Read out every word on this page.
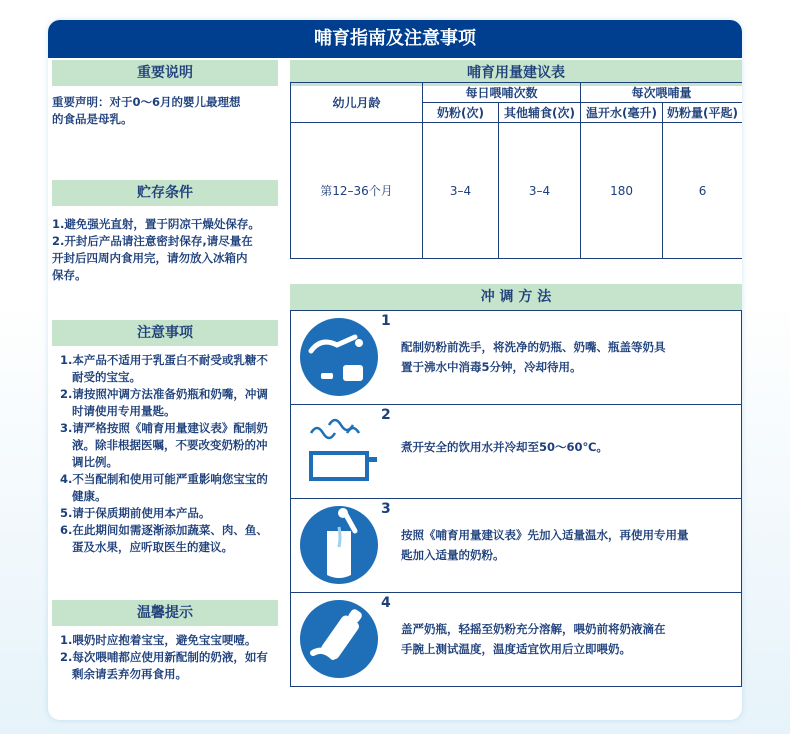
哺育指南及注意事项
重要说明

重要声明：对于0～6月的婴儿最理想

的食品是母乳。

贮存条件

1.避免强光直射，置于阴凉干燥处保存。

2.开封后产品请注意密封保存,请尽量在

开封后四周内食用完，请勿放入冰箱内

保存。

注意事项

1.本产品不适用于乳蛋白不耐受或乳糖不耐受的宝宝。

2.请按照冲调方法准备奶瓶和奶嘴，冲调时请使用专用量匙。

3.请严格按照《哺育用量建议表》配制奶液。除非根据医嘱，不要改变奶粉的冲调比例。

4.不当配制和使用可能严重影响您宝宝的健康。

5.请于保质期前使用本产品。

6.在此期间如需逐渐添加蔬菜、肉、鱼、蛋及水果，应听取医生的建议。

温馨提示

1.喂奶时应抱着宝宝，避免宝宝哽噎。

2.每次喂哺都应使用新配制的奶液，如有剩余请丢弃勿再食用。

哺育用量建议表
幼儿月龄	每日喂哺次数		每次喂哺量	
	奶粉(次)	其他辅食(次)	温开水(毫升)	奶粉量(平匙)
第12–36个月	3–4	3–4	180	6
冲 调 方 法
1
配制奶粉前洗手，将洗净的奶瓶、奶嘴、瓶盖等奶具
置于沸水中消毒5分钟，冷却待用。
2
煮开安全的饮用水并冷却至50～60℃。
3
按照《哺育用量建议表》先加入适量温水，再使用专用量
匙加入适量的奶粉。
4
盖严奶瓶，轻摇至奶粉充分溶解，喂奶前将奶液滴在
手腕上测试温度，温度适宜饮用后立即喂奶。
